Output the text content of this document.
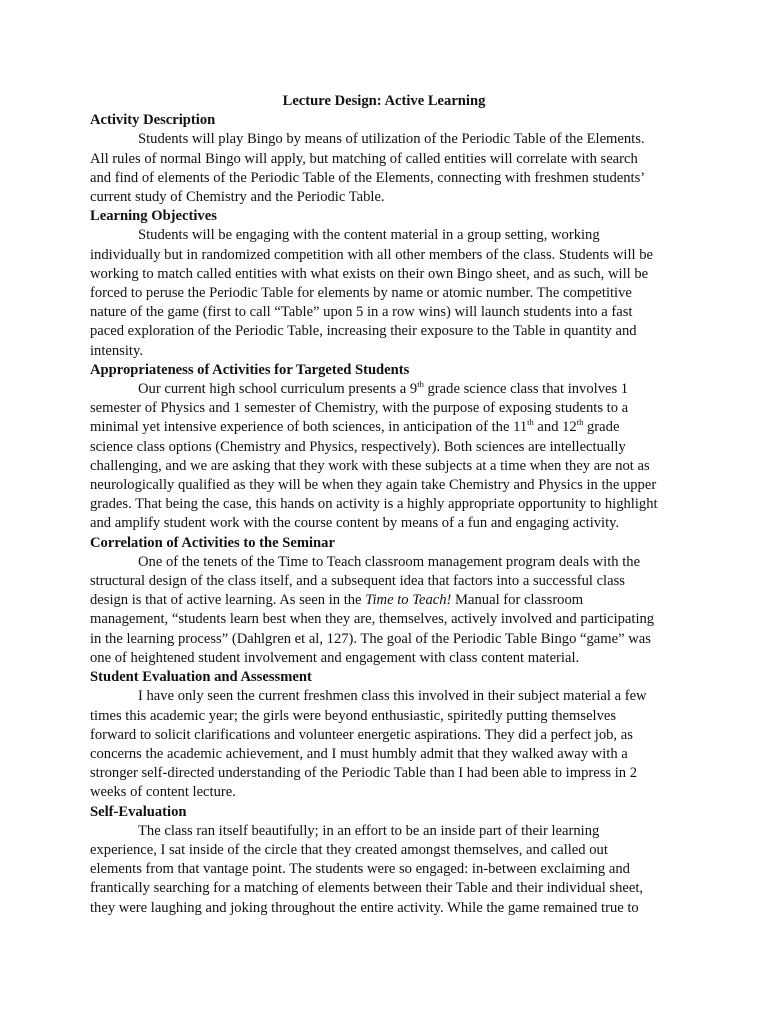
Lecture Design: Active Learning
Activity Description

Students will play Bingo by means of utilization of the Periodic Table of the Elements.
All rules of normal Bingo will apply, but matching of called entities will correlate with search
and find of elements of the Periodic Table of the Elements, connecting with freshmen students’
current study of Chemistry and the Periodic Table.

Learning Objectives

Students will be engaging with the content material in a group setting, working
individually but in randomized competition with all other members of the class. Students will be
working to match called entities with what exists on their own Bingo sheet, and as such, will be
forced to peruse the Periodic Table for elements by name or atomic number. The competitive
nature of the game (first to call “Table” upon 5 in a row wins) will launch students into a fast
paced exploration of the Periodic Table, increasing their exposure to the Table in quantity and
intensity.

Appropriateness of Activities for Targeted Students

Our current high school curriculum presents a 9th grade science class that involves 1
semester of Physics and 1 semester of Chemistry, with the purpose of exposing students to a
minimal yet intensive experience of both sciences, in anticipation of the 11th and 12th grade
science class options (Chemistry and Physics, respectively). Both sciences are intellectually
challenging, and we are asking that they work with these subjects at a time when they are not as
neurologically qualified as they will be when they again take Chemistry and Physics in the upper
grades. That being the case, this hands on activity is a highly appropriate opportunity to highlight
and amplify student work with the course content by means of a fun and engaging activity.

Correlation of Activities to the Seminar

One of the tenets of the Time to Teach classroom management program deals with the
structural design of the class itself, and a subsequent idea that factors into a successful class
design is that of active learning. As seen in the Time to Teach! Manual for classroom
management, “students learn best when they are, themselves, actively involved and participating
in the learning process” (Dahlgren et al, 127). The goal of the Periodic Table Bingo “game” was
one of heightened student involvement and engagement with class content material.

Student Evaluation and Assessment

I have only seen the current freshmen class this involved in their subject material a few
times this academic year; the girls were beyond enthusiastic, spiritedly putting themselves
forward to solicit clarifications and volunteer energetic aspirations. They did a perfect job, as
concerns the academic achievement, and I must humbly admit that they walked away with a
stronger self-directed understanding of the Periodic Table than I had been able to impress in 2
weeks of content lecture.

Self-Evaluation

The class ran itself beautifully; in an effort to be an inside part of their learning
experience, I sat inside of the circle that they created amongst themselves, and called out
elements from that vantage point. The students were so engaged: in-between exclaiming and
frantically searching for a matching of elements between their Table and their individual sheet,
they were laughing and joking throughout the entire activity. While the game remained true to
